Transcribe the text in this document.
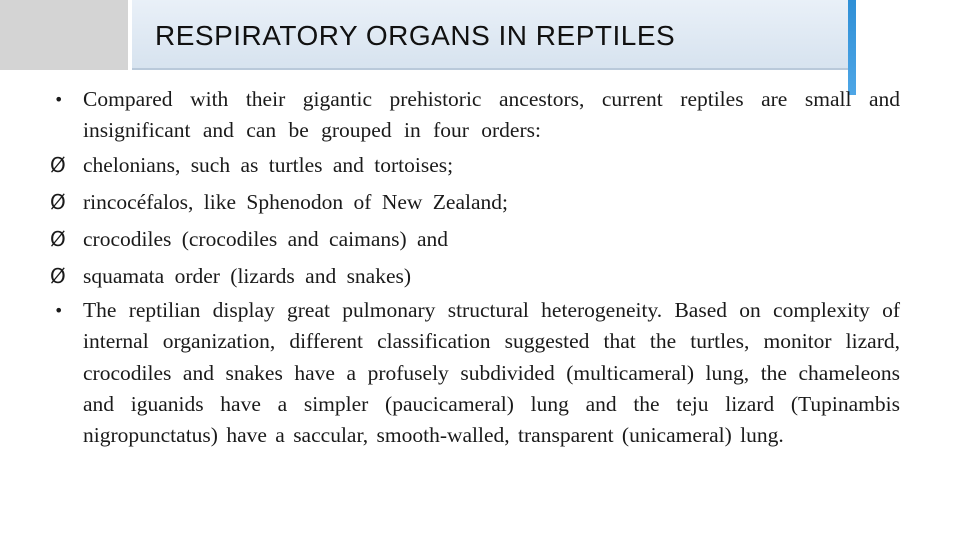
RESPIRATORY ORGANS IN REPTILES
• Compared with their gigantic prehistoric ancestors, current reptiles are small and insignificant and can be grouped in four orders:
Ø chelonians, such as turtles and tortoises;
Ø rincocéfalos, like Sphenodon of New Zealand;
Ø crocodiles (crocodiles and caimans) and
Ø squamata order (lizards and snakes)
• The reptilian display great pulmonary structural heterogeneity. Based on complexity of internal organization, different classification suggested that the turtles, monitor lizard, crocodiles and snakes have a profusely subdivided (multicameral) lung, the chameleons and iguanids have a simpler (paucicameral) lung and the teju lizard (Tupinambis nigropunctatus) have a saccular, smooth-walled, transparent (unicameral) lung.
